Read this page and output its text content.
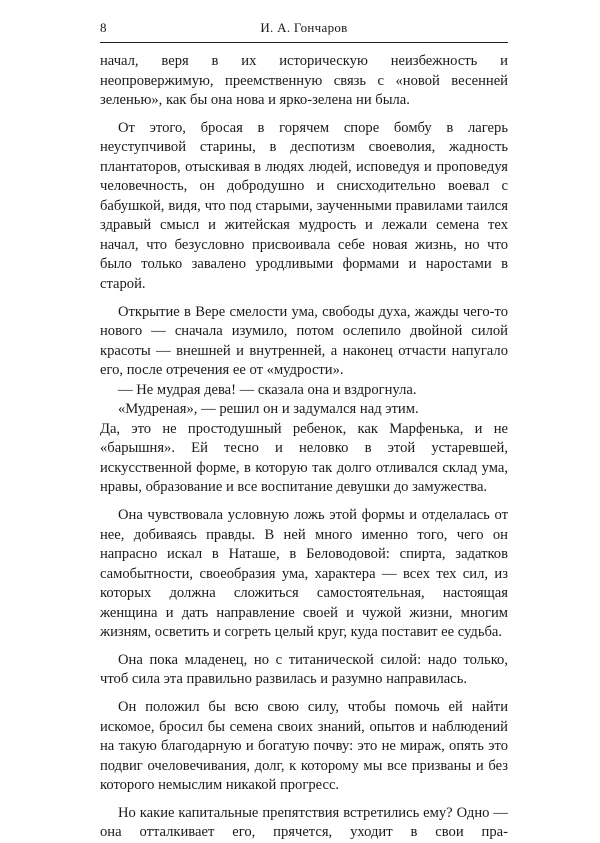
8	И. А. Гончаров

начал, веря в их историческую неизбежность и неопровержимую, преемственную связь с «новой весенней зеленью», как бы она нова и ярко-зелена ни была.

От этого, бросая в горячем споре бомбу в лагерь неуступчивой старины, в деспотизм своеволия, жадность плантаторов, отыскивая в людях людей, исповедуя и проповедуя человечность, он добродушно и снисходительно воевал с бабушкой, видя, что под старыми, заученными правилами таился здравый смысл и житейская мудрость и лежали семена тех начал, что безусловно присвоивала себе новая жизнь, но что было только завалено уродливыми формами и наростами в старой.

Открытие в Вере смелости ума, свободы духа, жажды чего-то нового — сначала изумило, потом ослепило двойной силой красоты — внешней и внутренней, а наконец отчасти напугало его, после отречения ее от «мудрости».

— Не мудрая дева! — сказала она и вздрогнула.

«Мудреная», — решил он и задумался над этим.

Да, это не простодушный ребенок, как Марфенька, и не «барышня». Ей тесно и неловко в этой устаревшей, искусственной форме, в которую так долго отливался склад ума, нравы, образование и все воспитание девушки до замужества.

Она чувствовала условную ложь этой формы и отделалась от нее, добиваясь правды. В ней много именно того, чего он напрасно искал в Наташе, в Беловодовой: спирта, задатков самобытности, своеобразия ума, характера — всех тех сил, из которых должна сложиться самостоятельная, настоящая женщина и дать направление своей и чужой жизни, многим жизням, осветить и согреть целый круг, куда поставит ее судьба.

Она пока младенец, но с титанической силой: надо только, чтоб сила эта правильно развилась и разумно направилась.

Он положил бы всю свою силу, чтобы помочь ей найти искомое, бросил бы семена своих знаний, опытов и наблюдений на такую благодарную и богатую почву: это не мираж, опять это подвиг очеловечивания, долг, к которому мы все призваны и без которого немыслим никакой прогресс.

Но какие капитальные препятствия встретились ему? Одно — она отталкивает его, прячется, уходит в свои пра-
